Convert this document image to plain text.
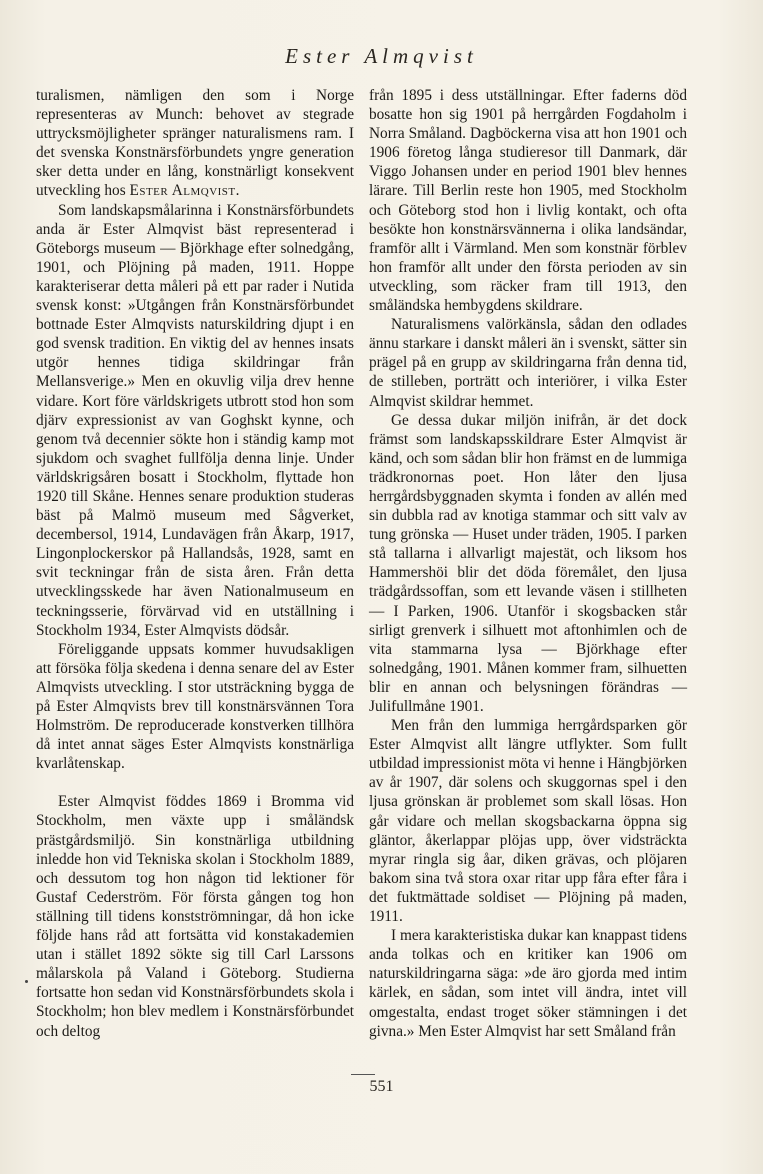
Ester Almqvist

turalismen, nämligen den som i Norge representeras av Munch: behovet av stegrade uttrycksmöjligheter spränger naturalismens ram. I det svenska Konstnärsförbundets yngre generation sker detta under en lång, konstnärligt konsekvent utveckling hos Ester Almqvist.

Som landskapsmålarinna i Konstnärsförbundets anda är Ester Almqvist bäst representerad i Göteborgs museum — Björkhage efter solnedgång, 1901, och Plöjning på maden, 1911. Hoppe karakteriserar detta måleri på ett par rader i Nutida svensk konst: »Utgången från Konstnärsförbundet bottnade Ester Almqvists naturskildring djupt i en god svensk tradition. En viktig del av hennes insats utgör hennes tidiga skildringar från Mellansverige.» Men en okuvlig vilja drev henne vidare. Kort före världskrigets utbrott stod hon som djärv expressionist av van Goghskt kynne, och genom två decennier sökte hon i ständig kamp mot sjukdom och svaghet fullfölja denna linje. Under världskrigsåren bosatt i Stockholm, flyttade hon 1920 till Skåne. Hennes senare produktion studeras bäst på Malmö museum med Sågverket, decembersol, 1914, Lundavägen från Åkarp, 1917, Lingonplockerskor på Hallandsås, 1928, samt en svit teckningar från de sista åren. Från detta utvecklingsskede har även Nationalmuseum en teckningsserie, förvärvad vid en utställning i Stockholm 1934, Ester Almqvists dödsår.

Föreliggande uppsats kommer huvudsakligen att försöka följa skedena i denna senare del av Ester Almqvists utveckling. I stor utsträckning bygga de på Ester Almqvists brev till konstnärsvännen Tora Holmström. De reproducerade konstverken tillhöra då intet annat säges Ester Almqvists konstnärliga kvarlåtenskap.

Ester Almqvist föddes 1869 i Bromma vid Stockholm, men växte upp i småländsk prästgårdsmiljö. Sin konstnärliga utbildning inledde hon vid Tekniska skolan i Stockholm 1889, och dessutom tog hon någon tid lektioner för Gustaf Cederström. För första gången tog hon ställning till tidens konstströmningar, då hon icke följde hans råd att fortsätta vid konstakademien utan i stället 1892 sökte sig till Carl Larssons målarskola på Valand i Göteborg. Studierna fortsatte hon sedan vid Konstnärsförbundets skola i Stockholm; hon blev medlem i Konstnärsförbundet och deltog

från 1895 i dess utställningar. Efter faderns död bosatte hon sig 1901 på herrgården Fogdaholm i Norra Småland. Dagböckerna visa att hon 1901 och 1906 företog långa studieresor till Danmark, där Viggo Johansen under en period 1901 blev hennes lärare. Till Berlin reste hon 1905, med Stockholm och Göteborg stod hon i livlig kontakt, och ofta besökte hon konstnärsvännerna i olika landsändar, framför allt i Värmland. Men som konstnär förblev hon framför allt under den första perioden av sin utveckling, som räcker fram till 1913, den småländska hembygdens skildrare.

Naturalismens valörkänsla, sådan den odlades ännu starkare i danskt måleri än i svenskt, sätter sin prägel på en grupp av skildringarna från denna tid, de stilleben, porträtt och interiörer, i vilka Ester Almqvist skildrar hemmet.

Ge dessa dukar miljön inifrån, är det dock främst som landskapsskildrare Ester Almqvist är känd, och som sådan blir hon främst en de lummiga trädkronornas poet. Hon låter den ljusa herrgårdsbyggnaden skymta i fonden av allén med sin dubbla rad av knotiga stammar och sitt valv av tung grönska — Huset under träden, 1905. I parken stå tallarna i allvarligt majestät, och liksom hos Hammershöi blir det döda föremålet, den ljusa trädgårdssoffan, som ett levande väsen i stillheten — I Parken, 1906. Utanför i skogsbacken står sirligt grenverk i silhuett mot aftonhimlen och de vita stammarna lysa — Björkhage efter solnedgång, 1901. Månen kommer fram, silhuetten blir en annan och belysningen förändras — Julifullmåne 1901.

Men från den lummiga herrgårdsparken gör Ester Almqvist allt längre utflykter. Som fullt utbildad impressionist möta vi henne i Hängbjörken av år 1907, där solens och skuggornas spel i den ljusa grönskan är problemet som skall lösas. Hon går vidare och mellan skogsbackarna öppna sig gläntor, åkerlappar plöjas upp, över vidsträckta myrar ringla sig åar, diken grävas, och plöjaren bakom sina två stora oxar ritar upp fåra efter fåra i det fuktmättade soldiset — Plöjning på maden, 1911.

I mera karakteristiska dukar kan knappast tidens anda tolkas och en kritiker kan 1906 om naturskildringarna säga: »de äro gjorda med intim kärlek, en sådan, som intet vill ändra, intet vill omgestalta, endast troget söker stämningen i det givna.» Men Ester Almqvist har sett Småland från

551
